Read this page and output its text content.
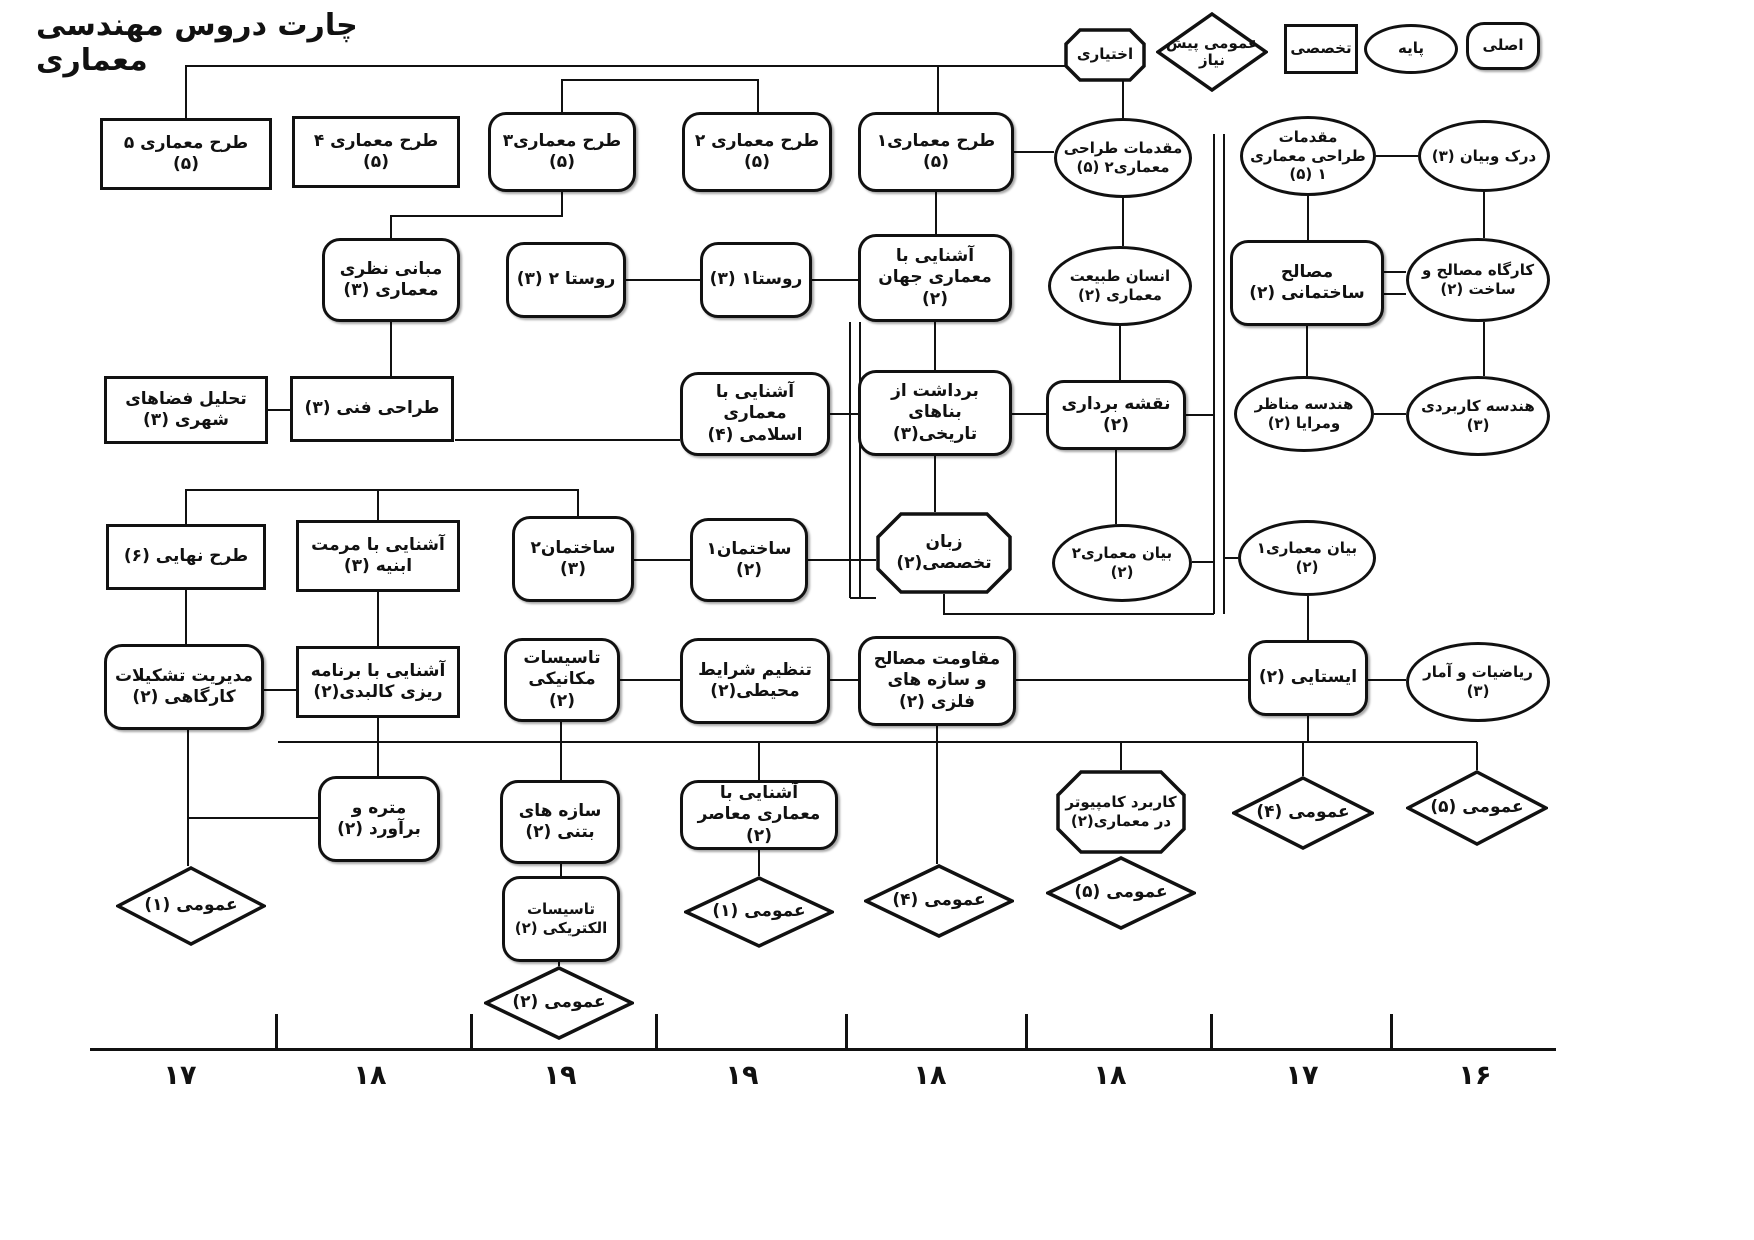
چارت دروس مهندسی معماری
طرح معماری ۵ (۵)
طرح معماری ۴ (۵)
طرح معماری۳ (۵)
طرح معماری ۲ (۵)
طرح معماری۱ (۵)
مقدمات طراحی معماری۲ (۵)
مقدمات طراحی معماری ۱ (۵)
درک وبیان (۳)
مبانی نظری معماری (۳)
روستا ۲ (۳)	روستا۱ (۳)
آشنایی با معماری جهان (۲)
انسان طبیعت معماری (۲)
مصالح ساختمانی (۲)
کارگاه مصالح و ساخت (۲)
تحلیل فضاهای شهری (۳)
طراحی فنی (۳)
آشنایی با معماری اسلامی (۴)
برداشت از بناهای تاریخی(۳)
نقشه برداری (۲)
هندسه مناظر ومرایا (۲)
هندسه کاربردی (۳)
طرح نهایی (۶)
آشنایی با مرمت ابنیه (۳)
ساختمان۲ (۳)
ساختمان۱ (۲)
زبان تخصصی(۲)	بیان معماری۲ (۲)
بیان معماری۱ (۲)
مدیریت تشکیلات کارگاهی (۲)
آشنایی با برنامه ریزی کالبدی(۲)
تاسیسات مکانیکی (۲)
تنظیم شرایط محیطی(۲)
مقاومت مصالح و سازه های فلزی (۲)
ایستایی (۲)	ریاضیات و آمار (۳)
متره و برآورد (۲)
سازه های بتنی (۲)
آشنایی با معماری معاصر (۲)
کاربرد کامپیوتر در معماری(۲)	عمومی (۴)	عمومی (۵)
عمومی (۱)	تاسیسات الکتریکی (۲)
عمومی (۱)
عمومی (۴)	عمومی (۵)
عمومی (۲)
اصلی
پایه
تخصصی
عمومی پیش نیاز
اختیاری
۱۷	۱۸	۱۹	۱۹	۱۸	۱۸	۱۷	۱۶
